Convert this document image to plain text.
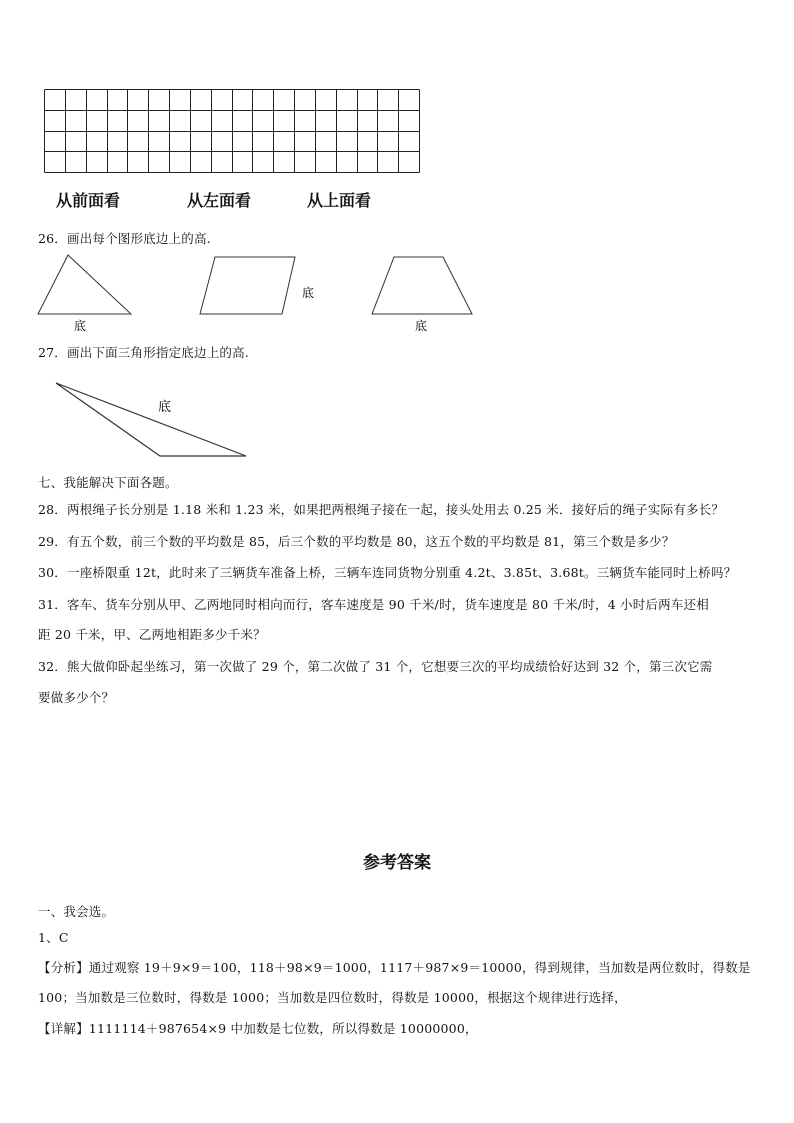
从前面看	从左面看	从上面看
26．画出每个图形底边上的高.
底
底
底
27．画出下面三角形指定底边上的高.
底
七、我能解决下面各题。
28．两根绳子长分别是 1.18 米和 1.23 米，如果把两根绳子接在一起，接头处用去 0.25 米．接好后的绳子实际有多长？
29．有五个数，前三个数的平均数是 85，后三个数的平均数是 80，这五个数的平均数是 81，第三个数是多少？
30．一座桥限重 12t，此时来了三辆货车准备上桥，三辆车连同货物分别重 4.2t、3.85t、3.68t。三辆货车能同时上桥吗？
31．客车、货车分别从甲、乙两地同时相向而行，客车速度是 90 千米/时，货车速度是 80 千米/时，4 小时后两车还相
距 20 千米，甲、乙两地相距多少千米？
32．熊大做仰卧起坐练习，第一次做了 29 个，第二次做了 31 个，它想要三次的平均成绩恰好达到 32 个，第三次它需
要做多少个？
参考答案
一、我会选。
1、C
【分析】通过观察 19＋9×9＝100，118＋98×9＝1000，1117＋987×9＝10000，得到规律，当加数是两位数时，得数是
100；当加数是三位数时，得数是 1000；当加数是四位数时，得数是 10000，根据这个规律进行选择，
【详解】1111114＋987654×9 中加数是七位数，所以得数是 10000000，
